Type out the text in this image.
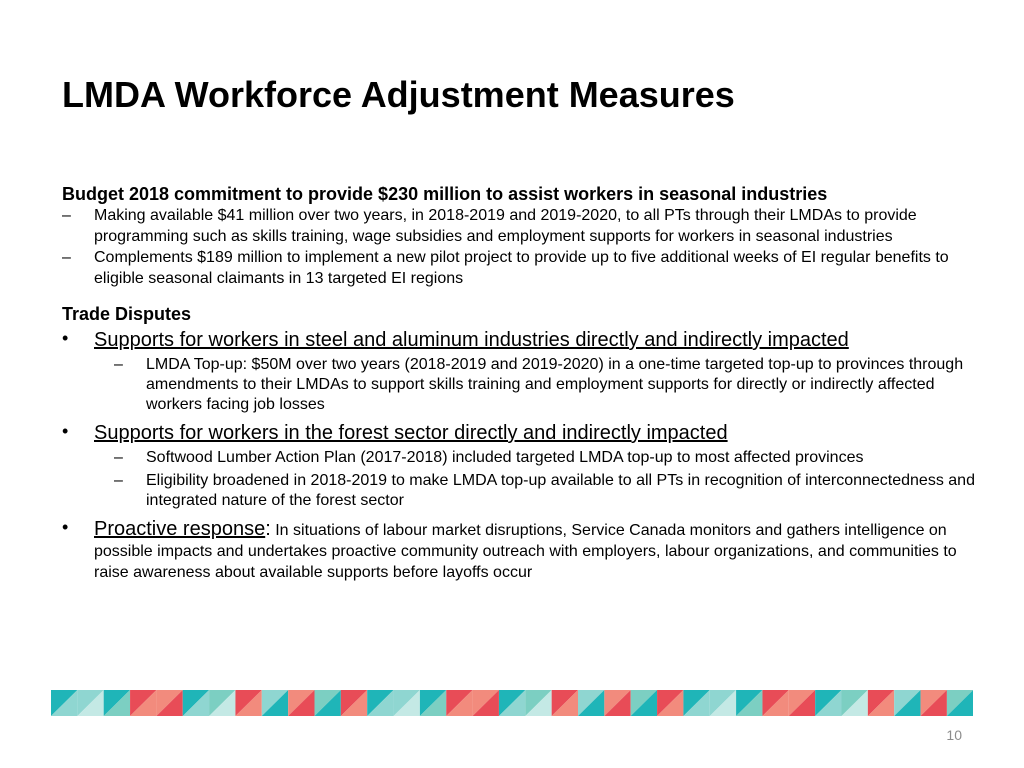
LMDA Workforce Adjustment Measures

Budget 2018 commitment to provide $230 million to assist workers in seasonal industries

– Making available $41 million over two years, in 2018-2019 and 2019-2020, to all PTs through their LMDAs to provide programming such as skills training, wage subsidies and employment supports for workers in seasonal industries
– Complements $189 million to implement a new pilot project to provide up to five additional weeks of EI regular benefits to eligible seasonal claimants in 13 targeted EI regions

Trade Disputes

• Supports for workers in steel and aluminum industries directly and indirectly impacted
– LMDA Top-up: $50M over two years (2018-2019 and 2019-2020) in a one-time targeted top-up to provinces through amendments to their LMDAs to support skills training and employment supports for directly or indirectly affected workers facing job losses
• Supports for workers in the forest sector directly and indirectly impacted
– Softwood Lumber Action Plan (2017-2018) included targeted LMDA top-up to most affected provinces
– Eligibility broadened in 2018-2019 to make LMDA top-up available to all PTs in recognition of interconnectedness and integrated nature of the forest sector
• Proactive response: In situations of labour market disruptions, Service Canada monitors and gathers intelligence on possible impacts and undertakes proactive community outreach with employers, labour organizations, and communities to raise awareness about available supports before layoffs occur
10
